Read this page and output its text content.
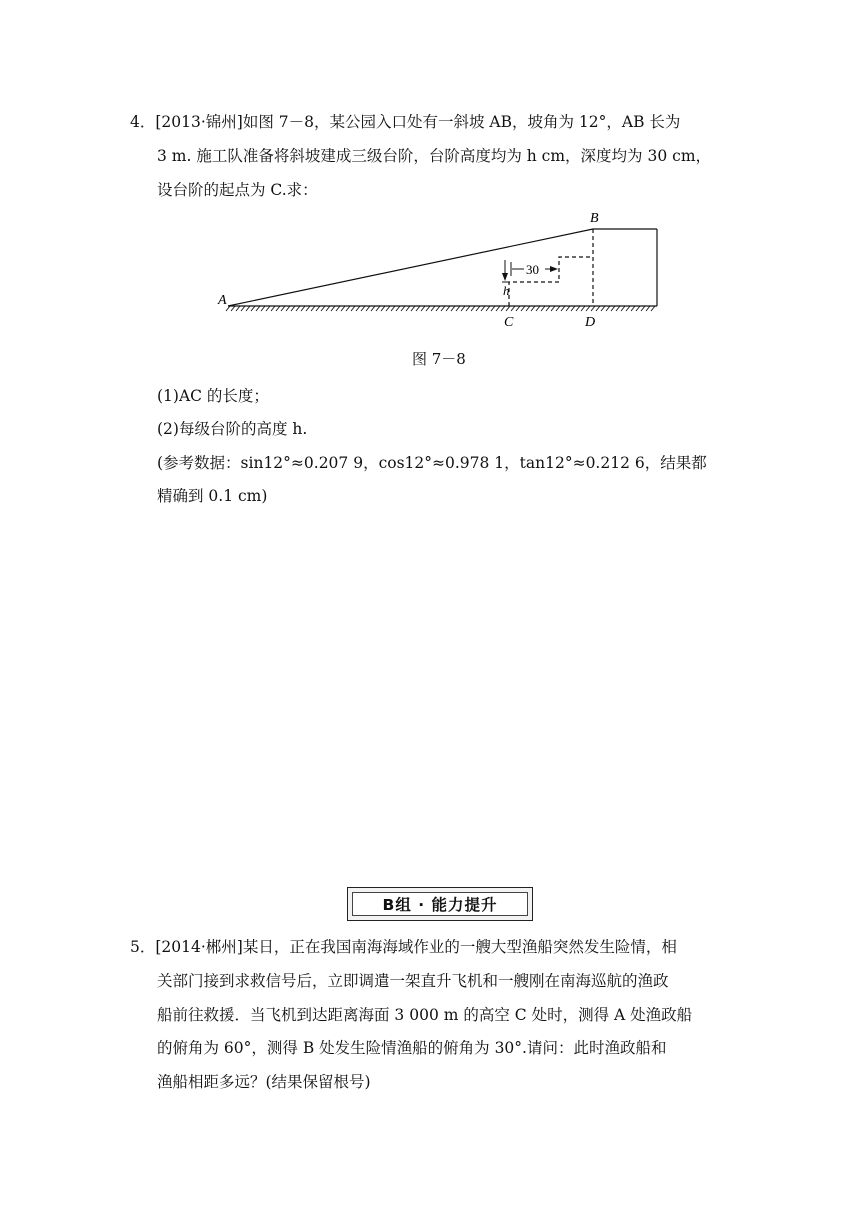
4．[2013·锦州]如图 7－8，某公园入口处有一斜坡 AB，坡角为 12°，AB 长为
3 m. 施工队准备将斜坡建成三级台阶，台阶高度均为 h cm，深度均为 30 cm，
设台阶的起点为 C.求：
A
B
C	D
h
30
图 7－8
(1)AC 的长度；
(2)每级台阶的高度 h.
(参考数据：sin12°≈0.207 9，cos12°≈0.978 1，tan12°≈0.212 6，结果都
精确到 0.1 cm)
B组 · 能力提升
5．[2014·郴州]某日，正在我国南海海域作业的一艘大型渔船突然发生险情，相
关部门接到求救信号后，立即调遣一架直升飞机和一艘刚在南海巡航的渔政
船前往救援．当飞机到达距离海面 3 000 m 的高空 C 处时，测得 A 处渔政船
的俯角为 60°，测得 B 处发生险情渔船的俯角为 30°.请问：此时渔政船和
渔船相距多远？(结果保留根号)
